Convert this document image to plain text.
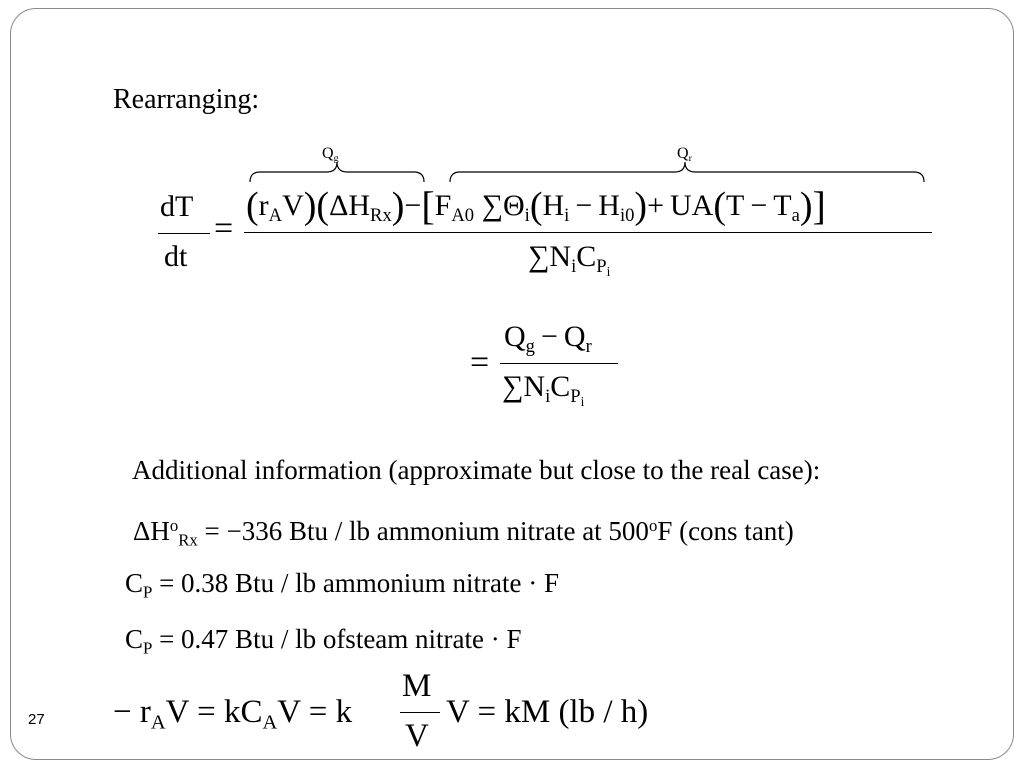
Rearranging:
dT
dt
=
$Q_g$	$Q_r$
$(r_AV)(\Delta H_{Rx})-[F_{A0}$ $\sum\Theta_i(H_i - H_{i0})+ UA(T - T_a)$]
$\sum N_iC_{P_i}$
=
$Q_g - Q_r$
$\sum N_iC_{P_i}$
Additional information (approximate but close to the real case):
$\Delta H^o_{Rx} = -336$ Btu / lb ammonium nitrate at 500$^o$F (cons tant)
$C_P = 0.38$ Btu / lb ammonium nitrate · F
$C_P = 0.47$ Btu / lb ofsteam nitrate · F
− $r_AV = kC_AV = k$
M
V
V = kM (lb / h)
27
